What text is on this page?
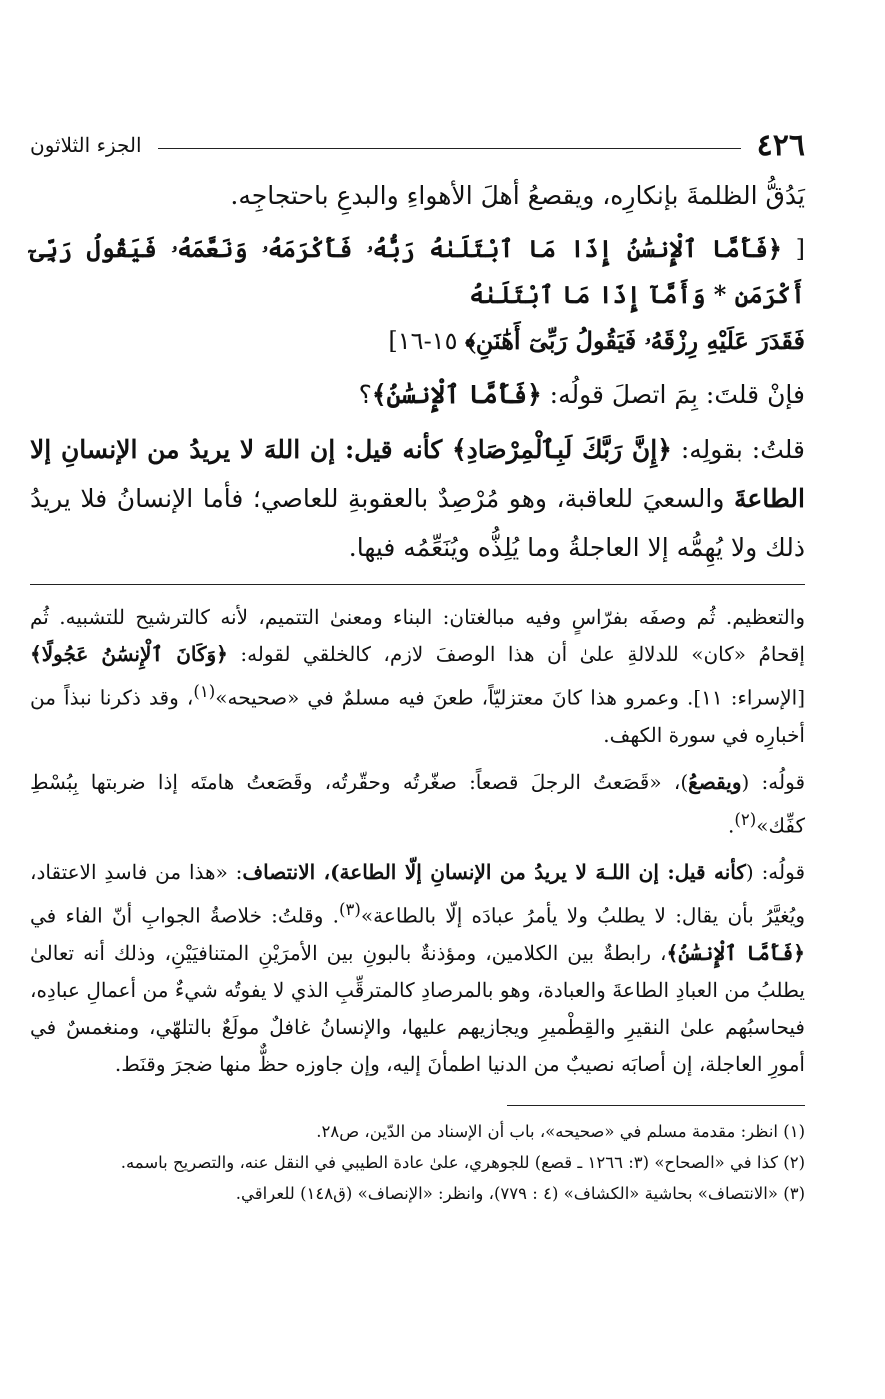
٤٢٦
الجزء الثلاثون

يَدُقُّ الظلمةَ بإنكارِه، ويقصعُ أهلَ الأهواءِ والبدعِ باحتجاجِه.

[ ﴿فَأَمَّا ٱلْإِنسَٰنُ إِذَا مَا ٱبْتَلَىٰهُ رَبُّهُۥ فَأَكْرَمَهُۥ وَنَعَّمَهُۥ فَيَقُولُ رَبِّىٓ أَكْرَمَنِ * وَأَمَّآ إِذَا مَا ٱبْتَلَىٰهُ
فَقَدَرَ عَلَيْهِ رِزْقَهُۥ فَيَقُولُ رَبِّىٓ أَهَٰنَنِ﴾ ١٥-١٦]

فإنْ قلتَ: بِمَ اتصلَ قولُه: ﴿فَأَمَّا ٱلْإِنسَٰنُ﴾؟

قلتُ: بقولِه: ﴿إِنَّ رَبَّكَ لَبِٱلْمِرْصَادِ﴾ كأنه قيل: إن اللهَ لا يريدُ من الإنسانِ إلا الطاعةَ والسعيَ للعاقبة، وهو مُرْصِدٌ بالعقوبةِ للعاصي؛ فأما الإنسانُ فلا يريدُ ذلك ولا يُهِمُّه إلا العاجلةُ وما يُلِذُّه ويُنَعِّمُه فيها.

والتعظيم. ثُم وصفَه بفرّاسٍ وفيه مبالغتان: البناء ومعنىٰ التتميم، لأنه كالترشيح للتشبيه. ثُم إقحامُ «كان» للدلالةِ علىٰ أن هذا الوصفَ لازم، كالخلقي لقوله: ﴿وَكَانَ ٱلْإِنسَٰنُ عَجُولًا﴾ [الإسراء: ١١]. وعمرو هذا كانَ معتزليّاً، طعنَ فيه مسلمٌ في «صحيحه»$^{(١)}$، وقد ذكرنا نبذاً من أخبارِه في سورة الكهف.

قولُه: (ويقصعُ)، «قَصَعتُ الرجلَ قصعاً: صغّرتُه وحقّرتُه، وقَصَعتُ هامتَه إذا ضربتها بِبُسْطِ كفِّك»$^{(٢)}$.

قولُه: (كأنه قيل: إن اللـهَ لا يريدُ من الإنسانِ إلّا الطاعة)، الانتصاف: «هذا من فاسدِ الاعتقاد، ويُغيَّرُ بأن يقال: لا يطلبُ ولا يأمرُ عبادَه إلّا بالطاعة»$^{(٣)}$. وقلتُ: خلاصةُ الجوابِ أنّ الفاء في ﴿فَأَمَّا ٱلْإِنسَٰنُ﴾، رابطةٌ بين الكلامين، ومؤذنةٌ بالبونِ بين الأمرَيْنِ المتنافيَيْنِ، وذلك أنه تعالىٰ يطلبُ من العبادِ الطاعةَ والعبادة، وهو بالمرصادِ كالمترقِّبِ الذي لا يفوتُه شيءٌ من أعمالِ عبادِه، فيحاسبُهم علىٰ النقيرِ والقِطْميرِ ويجازيهم عليها، والإنسانُ غافلٌ مولَعٌ بالتلهّي، ومنغمسٌ في أمورِ العاجلة، إن أصابَه نصيبٌ من الدنيا اطمأنَ إليه، وإن جاوزه حظٌّ منها ضجرَ وقنَط.

(١) انظر: مقدمة مسلم في «صحيحه»، باب أن الإسناد من الدّين، ص٢٨.
(٢) كذا في «الصحاح» (٣: ١٢٦٦ ـ قصع) للجوهري، علىٰ عادة الطيبي في النقل عنه، والتصريح باسمه.
(٣) «الانتصاف» بحاشية «الكشاف» (٤ : ٧٧٩)، وانظر: «الإنصاف» (ق١٤٨) للعراقي.
